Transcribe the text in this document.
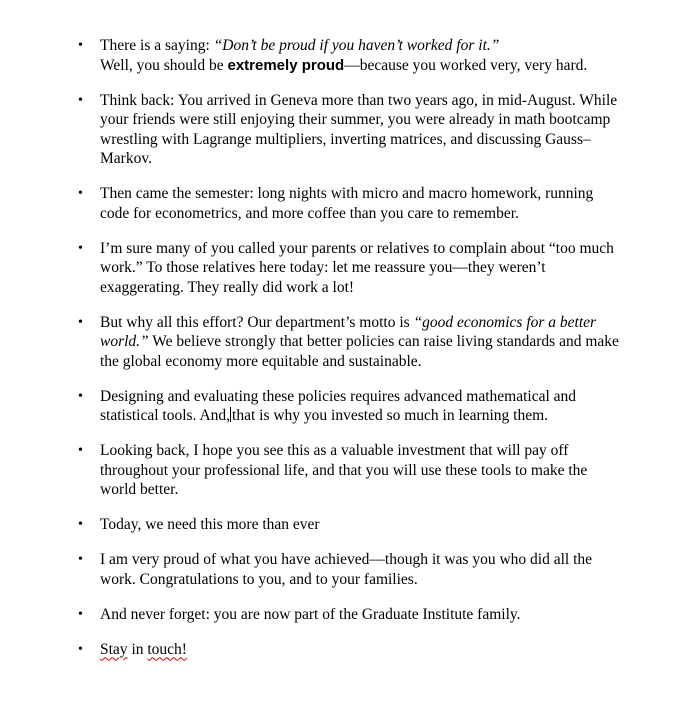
• There is a saying: “Don’t be proud if you haven’t worked for it.”
Well, you should be extremely proud—because you worked very, very hard.
• Think back: You arrived in Geneva more than two years ago, in mid-August. While your friends were still enjoying their summer, you were already in math bootcamp wrestling with Lagrange multipliers, inverting matrices, and discussing Gauss–Markov.
• Then came the semester: long nights with micro and macro homework, running code for econometrics, and more coffee than you care to remember.
• I’m sure many of you called your parents or relatives to complain about “too much work.” To those relatives here today: let me reassure you—they weren’t exaggerating. They really did work a lot!
• But why all this effort? Our department’s motto is “good economics for a better world.” We believe strongly that better policies can raise living standards and make the global economy more equitable and sustainable.
• Designing and evaluating these policies requires advanced mathematical and statistical tools. And, that is why you invested so much in learning them.
• Looking back, I hope you see this as a valuable investment that will pay off throughout your professional life, and that you will use these tools to make the world better.
• Today, we need this more than ever
• I am very proud of what you have achieved—though it was you who did all the work. Congratulations to you, and to your families.
• And never forget: you are now part of the Graduate Institute family.
• Stay in touch!
